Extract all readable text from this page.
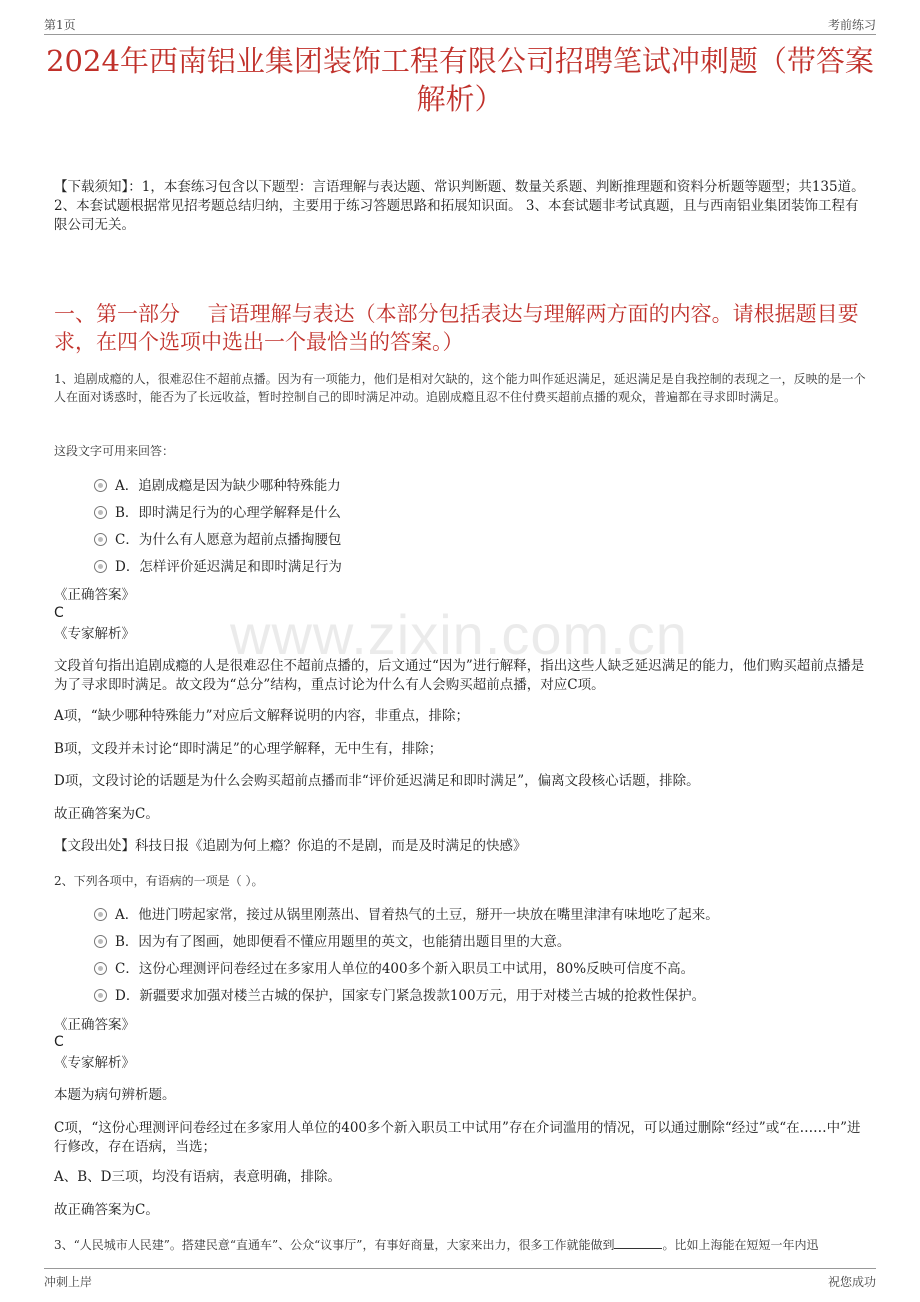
第1页	考前练习
2024年西南铝业集团装饰工程有限公司招聘笔试冲刺题（带答案解析）
【下载须知】：1，本套练习包含以下题型：言语理解与表达题、常识判断题、数量关系题、判断推理题和资料分析题等题型；共135道。 2、本套试题根据常见招考题总结归纳，主要用于练习答题思路和拓展知识面。 3、本套试题非考试真题，且与西南铝业集团装饰工程有限公司无关。
一、第一部分　 言语理解与表达（本部分包括表达与理解两方面的内容。请根据题目要求，在四个选项中选出一个最恰当的答案。）
1、追剧成瘾的人，很难忍住不超前点播。因为有一项能力，他们是相对欠缺的，这个能力叫作延迟满足，延迟满足是自我控制的表现之一，反映的是一个人在面对诱惑时，能否为了长远收益，暂时控制自己的即时满足冲动。追剧成瘾且忍不住付费买超前点播的观众，普遍都在寻求即时满足。
这段文字可用来回答：
A．追剧成瘾是因为缺少哪种特殊能力
B．即时满足行为的心理学解释是什么
C．为什么有人愿意为超前点播掏腰包
D．怎样评价延迟满足和即时满足行为
《正确答案》
C
《专家解析》 www.zixin.com.cn
文段首句指出追剧成瘾的人是很难忍住不超前点播的，后文通过“因为”进行解释，指出这些人缺乏延迟满足的能力，他们购买超前点播是为了寻求即时满足。故文段为“总分”结构，重点讨论为什么有人会购买超前点播，对应C项。
A项，“缺少哪种特殊能力”对应后文解释说明的内容，非重点，排除；
B项，文段并未讨论“即时满足”的心理学解释，无中生有，排除；
D项，文段讨论的话题是为什么会购买超前点播而非“评价延迟满足和即时满足”，偏离文段核心话题，排除。
故正确答案为C。
【文段出处】科技日报《追剧为何上瘾？你追的不是剧，而是及时满足的快感》
2、下列各项中，有语病的一项是（ ）。
A．他进门唠起家常，接过从锅里刚蒸出、冒着热气的土豆，掰开一块放在嘴里津津有味地吃了起来。
B．因为有了图画，她即便看不懂应用题里的英文，也能猜出题目里的大意。
C．这份心理测评问卷经过在多家用人单位的400多个新入职员工中试用，80%反映可信度不高。
D．新疆要求加强对楼兰古城的保护，国家专门紧急拨款100万元，用于对楼兰古城的抢救性保护。
《正确答案》
C
《专家解析》
本题为病句辨析题。
C项，“这份心理测评问卷经过在多家用人单位的400多个新入职员工中试用”存在介词滥用的情况，可以通过删除“经过”或“在……中”进行修改，存在语病，当选；
A、B、D三项，均没有语病，表意明确，排除。
故正确答案为C。
3、“人民城市人民建”。搭建民意“直通车”、公众“议事厅”，有事好商量，大家来出力，很多工作就能做到	。比如上海能在短短一年内迅
冲刺上岸	祝您成功
